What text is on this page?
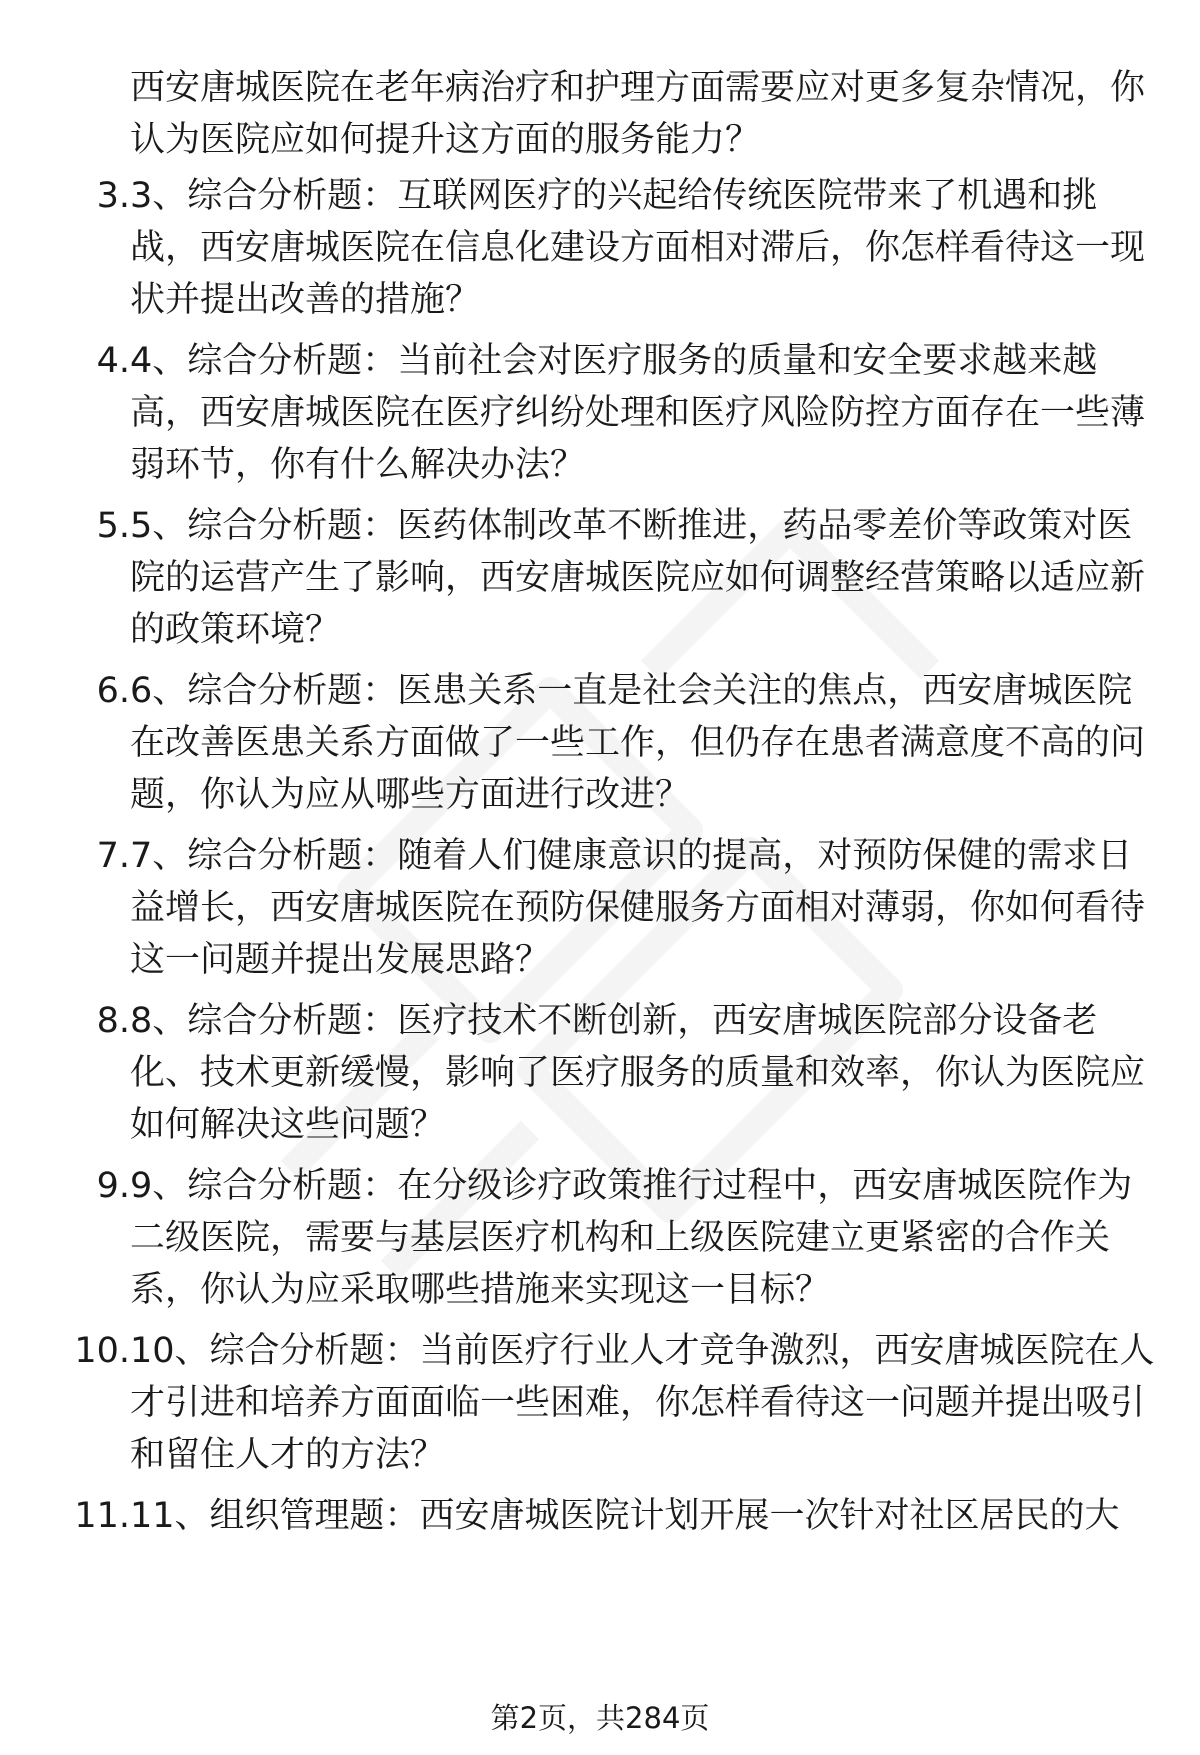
西安唐城医院在老年病治疗和护理方面需要应对更多复杂情况，你认为医院应如何提升这方面的服务能力？

3. 3、综合分析题：互联网医疗的兴起给传统医院带来了机遇和挑战，西安唐城医院在信息化建设方面相对滞后，你怎样看待这一现状并提出改善的措施？

4. 4、综合分析题：当前社会对医疗服务的质量和安全要求越来越高，西安唐城医院在医疗纠纷处理和医疗风险防控方面存在一些薄弱环节，你有什么解决办法？

5. 5、综合分析题：医药体制改革不断推进，药品零差价等政策对医院的运营产生了影响，西安唐城医院应如何调整经营策略以适应新的政策环境？

6. 6、综合分析题：医患关系一直是社会关注的焦点，西安唐城医院在改善医患关系方面做了一些工作，但仍存在患者满意度不高的问题，你认为应从哪些方面进行改进？

7. 7、综合分析题：随着人们健康意识的提高，对预防保健的需求日益增长，西安唐城医院在预防保健服务方面相对薄弱，你如何看待这一问题并提出发展思路？

8. 8、综合分析题：医疗技术不断创新，西安唐城医院部分设备老化、技术更新缓慢，影响了医疗服务的质量和效率，你认为医院应如何解决这些问题？

9. 9、综合分析题：在分级诊疗政策推行过程中，西安唐城医院作为二级医院，需要与基层医疗机构和上级医院建立更紧密的合作关系，你认为应采取哪些措施来实现这一目标？

10. 10、综合分析题：当前医疗行业人才竞争激烈，西安唐城医院在人才引进和培养方面面临一些困难，你怎样看待这一问题并提出吸引和留住人才的方法？

11. 11、组织管理题：西安唐城医院计划开展一次针对社区居民的大

第2页，共284页
